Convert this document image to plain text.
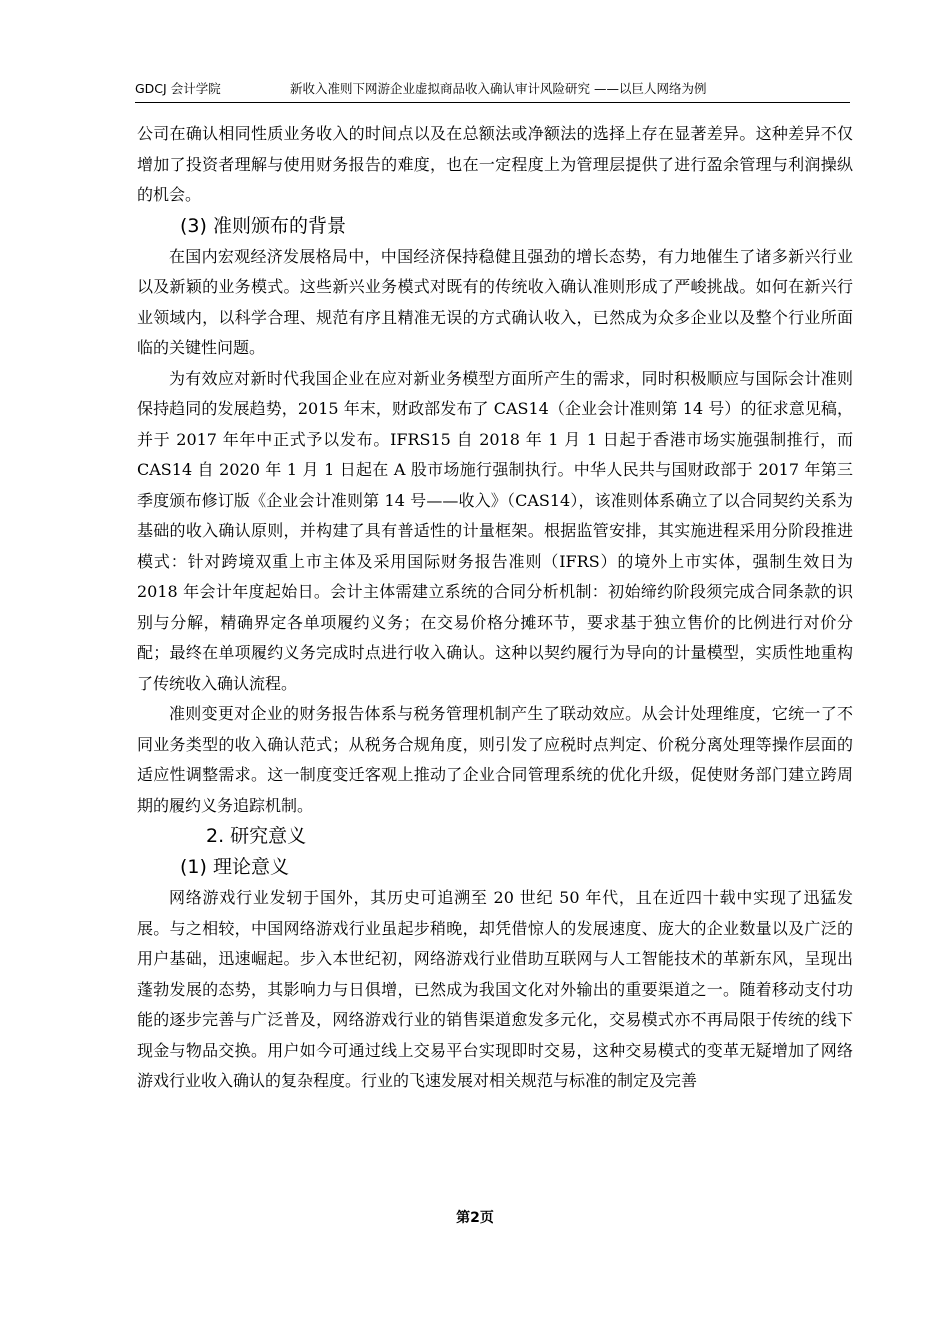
GDCJ 会计学院	新收入准则下网游企业虚拟商品收入确认审计风险研究 ——以巨人网络为例

公司在确认相同性质业务收入的时间点以及在总额法或净额法的选择上存在显著差异。这种差异不仅增加了投资者理解与使用财务报告的难度，也在一定程度上为管理层提供了进行盈余管理与利润操纵的机会。

(3) 准则颁布的背景

在国内宏观经济发展格局中，中国经济保持稳健且强劲的增长态势，有力地催生了诸多新兴行业以及新颖的业务模式。这些新兴业务模式对既有的传统收入确认准则形成了严峻挑战。如何在新兴行业领域内，以科学合理、规范有序且精准无误的方式确认收入，已然成为众多企业以及整个行业所面临的关键性问题。

为有效应对新时代我国企业在应对新业务模型方面所产生的需求，同时积极顺应与国际会计准则保持趋同的发展趋势，2015 年末，财政部发布了 CAS14（企业会计准则第 14 号）的征求意见稿，并于 2017 年年中正式予以发布。IFRS15 自 2018 年 1 月 1 日起于香港市场实施强制推行，而 CAS14 自 2020 年 1 月 1 日起在 A 股市场施行强制执行。中华人民共与国财政部于 2017 年第三季度颁布修订版《企业会计准则第 14 号——收入》（CAS14），该准则体系确立了以合同契约关系为基础的收入确认原则，并构建了具有普适性的计量框架。根据监管安排，其实施进程采用分阶段推进模式：针对跨境双重上市主体及采用国际财务报告准则（IFRS）的境外上市实体，强制生效日为 2018 年会计年度起始日。会计主体需建立系统的合同分析机制：初始缔约阶段须完成合同条款的识别与分解，精确界定各单项履约义务；在交易价格分摊环节，要求基于独立售价的比例进行对价分配；最终在单项履约义务完成时点进行收入确认。这种以契约履行为导向的计量模型，实质性地重构了传统收入确认流程。

准则变更对企业的财务报告体系与税务管理机制产生了联动效应。从会计处理维度，它统一了不同业务类型的收入确认范式；从税务合规角度，则引发了应税时点判定、价税分离处理等操作层面的适应性调整需求。这一制度变迁客观上推动了企业合同管理系统的优化升级，促使财务部门建立跨周期的履约义务追踪机制。

2. 研究意义
(1) 理论意义

网络游戏行业发轫于国外，其历史可追溯至 20 世纪 50 年代，且在近四十载中实现了迅猛发展。与之相较，中国网络游戏行业虽起步稍晚，却凭借惊人的发展速度、庞大的企业数量以及广泛的用户基础，迅速崛起。步入本世纪初，网络游戏行业借助互联网与人工智能技术的革新东风，呈现出蓬勃发展的态势，其影响力与日俱增，已然成为我国文化对外输出的重要渠道之一。随着移动支付功能的逐步完善与广泛普及，网络游戏行业的销售渠道愈发多元化，交易模式亦不再局限于传统的线下现金与物品交换。用户如今可通过线上交易平台实现即时交易，这种交易模式的变革无疑增加了网络游戏行业收入确认的复杂程度。行业的飞速发展对相关规范与标准的制定及完善

第2页
